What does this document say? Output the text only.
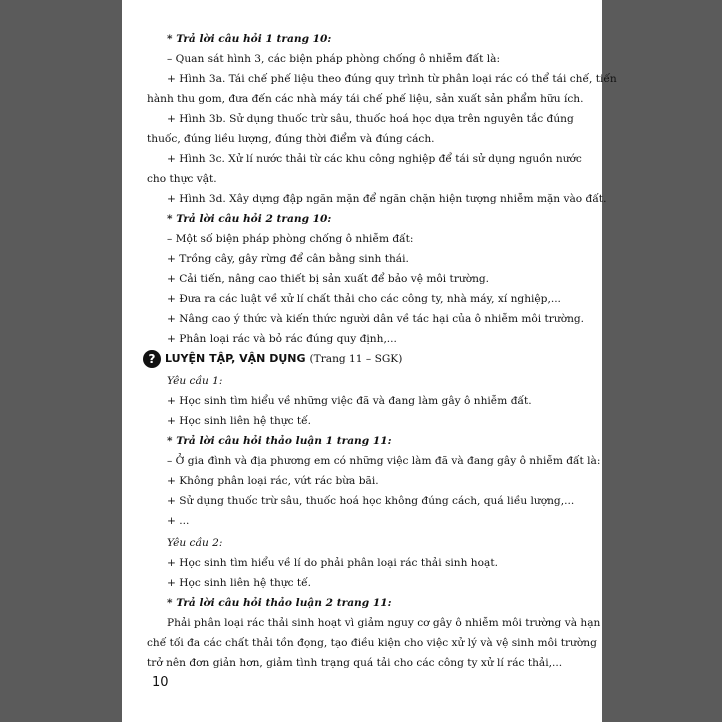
* Trả lời câu hỏi 1 trang 10:
– Quan sát hình 3, các biện pháp phòng chống ô nhiễm đất là:
+ Hình 3a. Tái chế phế liệu theo đúng quy trình từ phân loại rác có thể tái chế, tiến
hành thu gom, đưa đến các nhà máy tái chế phế liệu, sản xuất sản phẩm hữu ích.
+ Hình 3b. Sử dụng thuốc trừ sâu, thuốc hoá học dựa trên nguyên tắc đúng
thuốc, đúng liều lượng, đúng thời điểm và đúng cách.
+ Hình 3c. Xử lí nước thải từ các khu công nghiệp để tái sử dụng nguồn nước
cho thực vật.
+ Hình 3d. Xây dựng đập ngăn mặn để ngăn chặn hiện tượng nhiễm mặn vào đất.
* Trả lời câu hỏi 2 trang 10:
– Một số biện pháp phòng chống ô nhiễm đất:
+ Trồng cây, gây rừng để cân bằng sinh thái.
+ Cải tiến, nâng cao thiết bị sản xuất để bảo vệ môi trường.
+ Đưa ra các luật về xử lí chất thải cho các công ty, nhà máy, xí nghiệp,...
+ Nâng cao ý thức và kiến thức người dân về tác hại của ô nhiễm môi trường.
+ Phân loại rác và bỏ rác đúng quy định,...
? LUYỆN TẬP, VẬN DỤNG (Trang 11 – SGK)
Yêu cầu 1:
+ Học sinh tìm hiểu về những việc đã và đang làm gây ô nhiễm đất.
+ Học sinh liên hệ thực tế.
* Trả lời câu hỏi thảo luận 1 trang 11:
– Ở gia đình và địa phương em có những việc làm đã và đang gây ô nhiễm đất là:
+ Không phân loại rác, vứt rác bừa bãi.
+ Sử dụng thuốc trừ sâu, thuốc hoá học không đúng cách, quá liều lượng,...
+ ...
Yêu cầu 2:
+ Học sinh tìm hiểu về lí do phải phân loại rác thải sinh hoạt.
+ Học sinh liên hệ thực tế.
* Trả lời câu hỏi thảo luận 2 trang 11:
Phải phân loại rác thải sinh hoạt vì giảm nguy cơ gây ô nhiễm môi trường và hạn
chế tối đa các chất thải tồn đọng, tạo điều kiện cho việc xử lý và vệ sinh môi trường
trở nên đơn giản hơn, giảm tình trạng quá tải cho các công ty xử lí rác thải,...
10
